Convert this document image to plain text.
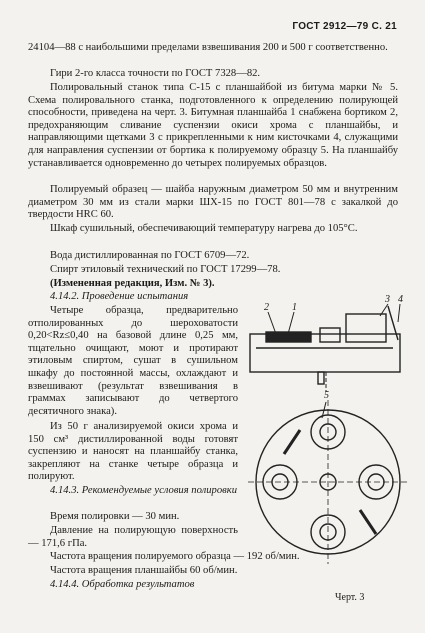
ГОСТ 2912—79 С. 21

24104—88 с наибольшими пределами взвешивания 200 и 500 г соответственно.

Гири 2-го класса точности по ГОСТ 7328—82.

Полировальный станок типа С-15 с планшайбой из битума марки № 5. Схема полировального станка, подготовленного к определению полирующей способности, приведена на черт. 3. Битумная планшайба 1 снабжена бортиком 2, предохраняющим сливание суспензии окиси хрома с планшайбы, и направляющими щетками 3 с прикрепленными к ним кисточками 4, служащими для направления суспензии от бортика к полируемому образцу 5. На планшайбу устанавливается одновременно до четырех полируемых образцов.

Полируемый образец — шайба наружным диаметром 50 мм и внутренним диаметром 30 мм из стали марки ШХ-15 по ГОСТ 801—78 с закалкой до твердости HRC 60.

Шкаф сушильный, обеспечивающий температуру нагрева до 105°С.

Вода дистиллированная по ГОСТ 6709—72.

Спирт этиловый технический по ГОСТ 17299—78.

(Измененная редакция, Изм. № 3).

4.14.2. Проведение испытания

Четыре образца, предварительно отполированных до шероховатости 0,20<Rz≤0,40 на базовой длине 0,25 мм, тщательно очищают, моют и протирают этиловым спиртом, сушат в сушильном шкафу до постоянной массы, охлаждают и взвешивают (результат взвешивания в граммах записывают до четвертого десятичного знака).

Из 50 г анализируемой окиси хрома и 150 см³ дистиллированной воды готовят суспензию и наносят на планшайбу станка, закрепляют на станке четыре образца и полируют.

4.14.3. Рекомендуемые условия полировки

Время полировки — 30 мин.

Давление на полирующую поверхность — 171,6 гПа.

Частота вращения полируемого образца — 192 об/мин.

Частота вращения планшайбы 60 об/мин.

4.14.4. Обработка результатов

2 1
3 4
5
Черт. 3
